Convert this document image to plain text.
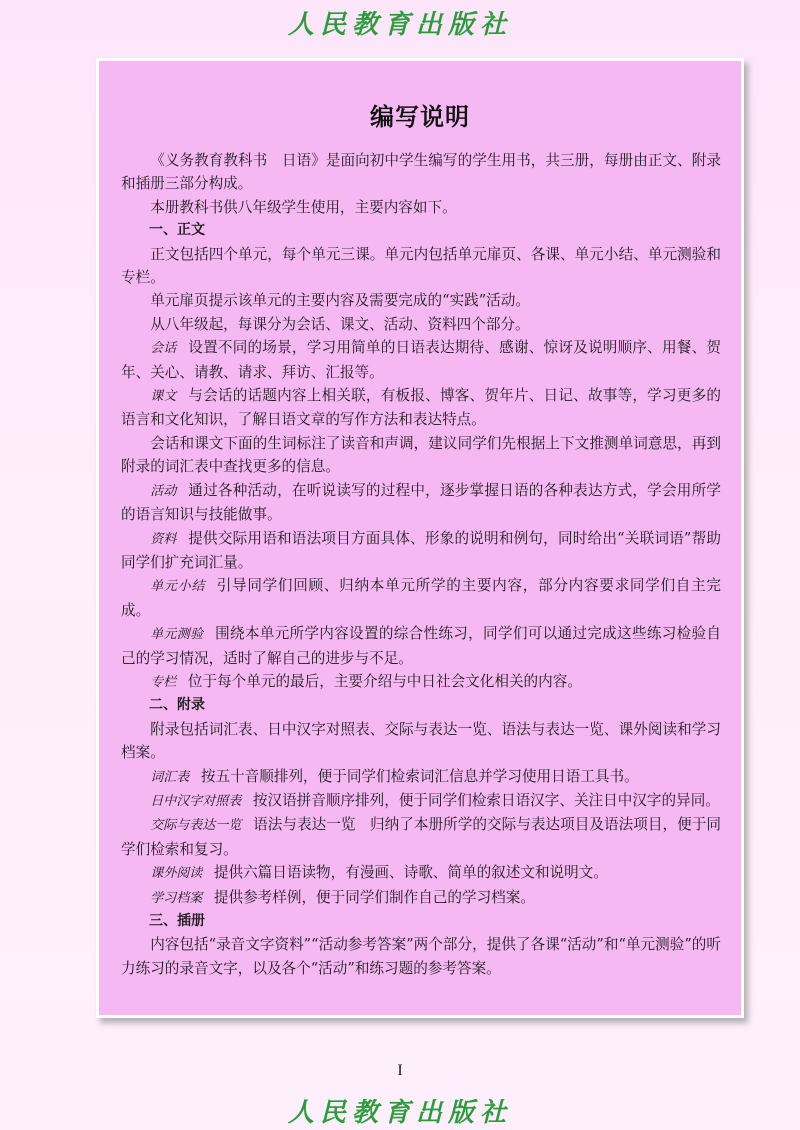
人民教育出版社
编写说明

《义务教育教科书　日语》是面向初中学生编写的学生用书，共三册，每册由正文、附录和插册三部分构成。

本册教科书供八年级学生使用，主要内容如下。

一、正文

正文包括四个单元，每个单元三课。单元内包括单元扉页、各课、单元小结、单元测验和专栏。

单元扉页提示该单元的主要内容及需要完成的“实践”活动。

从八年级起，每课分为会话、课文、活动、资料四个部分。

会话 设置不同的场景，学习用简单的日语表达期待、感谢、惊讶及说明顺序、用餐、贺年、关心、请教、请求、拜访、汇报等。

课文 与会话的话题内容上相关联，有板报、博客、贺年片、日记、故事等，学习更多的语言和文化知识，了解日语文章的写作方法和表达特点。

会话和课文下面的生词标注了读音和声调，建议同学们先根据上下文推测单词意思，再到附录的词汇表中查找更多的信息。

活动 通过各种活动，在听说读写的过程中，逐步掌握日语的各种表达方式，学会用所学的语言知识与技能做事。

资料 提供交际用语和语法项目方面具体、形象的说明和例句，同时给出“关联词语”帮助同学们扩充词汇量。

单元小结 引导同学们回顾、归纳本单元所学的主要内容，部分内容要求同学们自主完成。

单元测验 围绕本单元所学内容设置的综合性练习，同学们可以通过完成这些练习检验自己的学习情况，适时了解自己的进步与不足。

专栏 位于每个单元的最后，主要介绍与中日社会文化相关的内容。

二、附录

附录包括词汇表、日中汉字对照表、交际与表达一览、语法与表达一览、课外阅读和学习档案。

词汇表 按五十音顺排列，便于同学们检索词汇信息并学习使用日语工具书。

日中汉字对照表 按汉语拼音顺序排列，便于同学们检索日语汉字、关注日中汉字的异同。

交际与表达一览 语法与表达一览　归纳了本册所学的交际与表达项目及语法项目，便于同学们检索和复习。

课外阅读 提供六篇日语读物，有漫画、诗歌、简单的叙述文和说明文。

学习档案 提供参考样例，便于同学们制作自己的学习档案。

三、插册

内容包括“录音文字资料”“活动参考答案”两个部分，提供了各课“活动”和“单元测验”的听力练习的录音文字，以及各个“活动”和练习题的参考答案。

I
人民教育出版社
